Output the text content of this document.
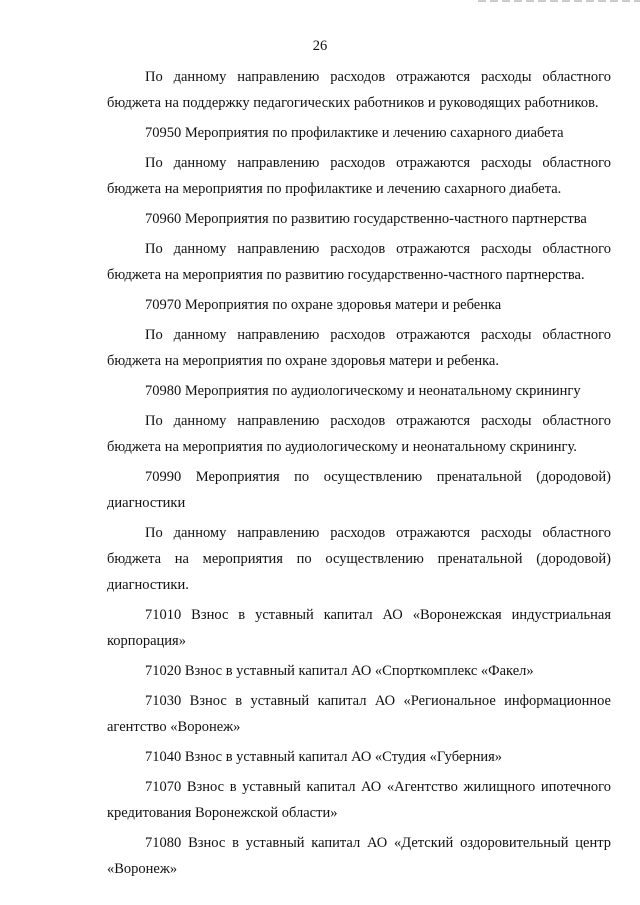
26

По данному направлению расходов отражаются расходы областного бюджета на поддержку педагогических работников и руководящих работников.

70950 Мероприятия по профилактике и лечению сахарного диабета

По данному направлению расходов отражаются расходы областного бюджета на мероприятия по профилактике и лечению сахарного диабета.

70960 Мероприятия по развитию государственно-частного партнерства

По данному направлению расходов отражаются расходы областного бюджета на мероприятия по развитию государственно-частного партнерства.

70970 Мероприятия по охране здоровья матери и ребенка

По данному направлению расходов отражаются расходы областного бюджета на мероприятия по охране здоровья матери и ребенка.

70980 Мероприятия по аудиологическому и неонатальному скринингу

По данному направлению расходов отражаются расходы областного бюджета на мероприятия по аудиологическому и неонатальному скринингу.

70990 Мероприятия по осуществлению пренатальной (дородовой) диагностики

По данному направлению расходов отражаются расходы областного бюджета на мероприятия по осуществлению пренатальной (дородовой) диагностики.

71010 Взнос в уставный капитал АО «Воронежская индустриальная корпорация»

71020 Взнос в уставный капитал АО «Спорткомплекс «Факел»

71030 Взнос в уставный капитал АО «Региональное информационное агентство «Воронеж»

71040 Взнос в уставный капитал АО «Студия «Губерния»

71070 Взнос в уставный капитал АО «Агентство жилищного ипотечного кредитования Воронежской области»

71080 Взнос в уставный капитал АО «Детский оздоровительный центр «Воронеж»
